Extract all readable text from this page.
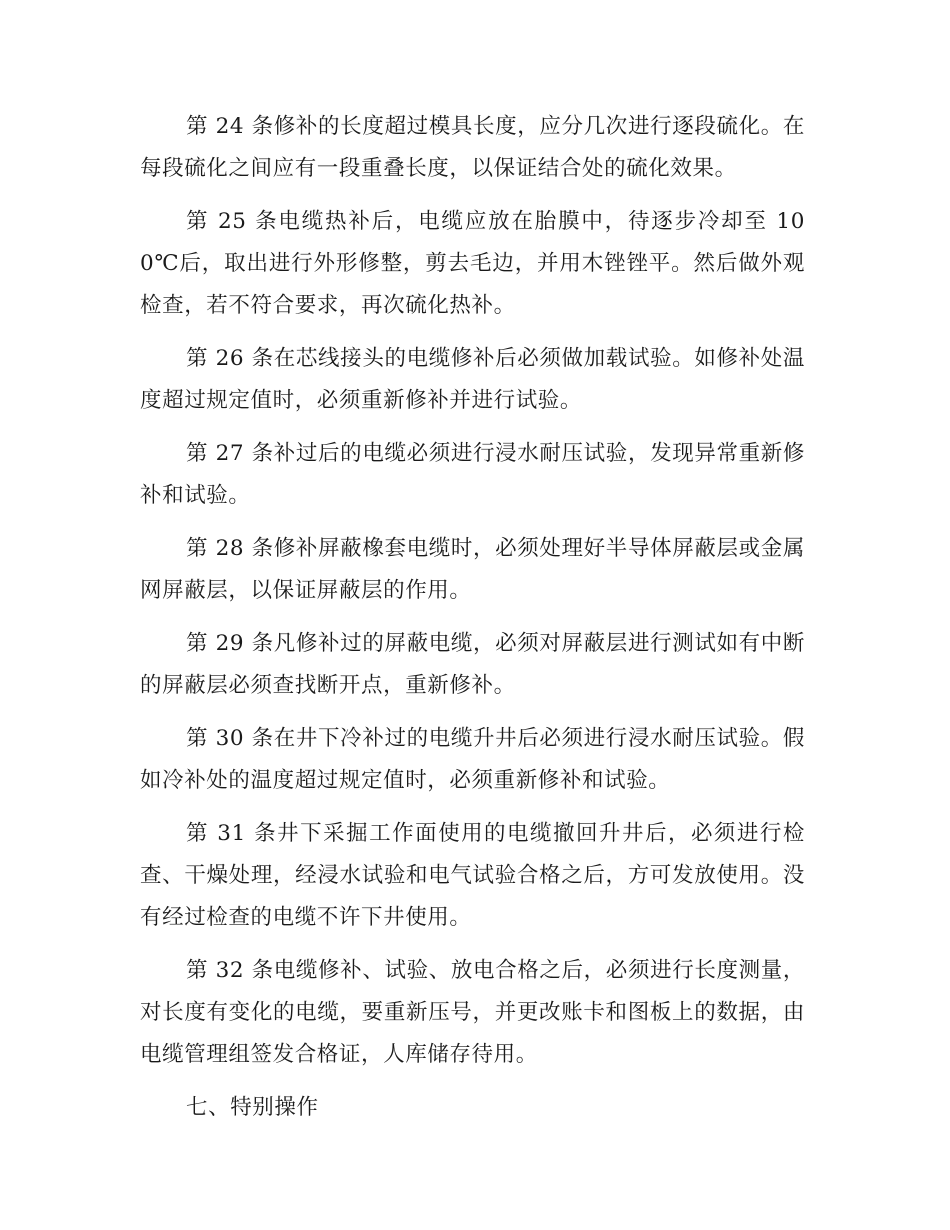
第 24 条修补的长度超过模具长度，应分几次进行逐段硫化。在每段硫化之间应有一段重叠长度，以保证结合处的硫化效果。

第 25 条电缆热补后，电缆应放在胎膜中，待逐步冷却至 100℃后，取出进行外形修整，剪去毛边，并用木锉锉平。然后做外观检查，若不符合要求，再次硫化热补。

第 26 条在芯线接头的电缆修补后必须做加载试验。如修补处温度超过规定值时，必须重新修补并进行试验。

第 27 条补过后的电缆必须进行浸水耐压试验，发现异常重新修补和试验。

第 28 条修补屏蔽橡套电缆时，必须处理好半导体屏蔽层或金属网屏蔽层，以保证屏蔽层的作用。

第 29 条凡修补过的屏蔽电缆，必须对屏蔽层进行测试如有中断的屏蔽层必须查找断开点，重新修补。

第 30 条在井下冷补过的电缆升井后必须进行浸水耐压试验。假如冷补处的温度超过规定值时，必须重新修补和试验。

第 31 条井下采掘工作面使用的电缆撤回升井后，必须进行检查、干燥处理，经浸水试验和电气试验合格之后，方可发放使用。没有经过检查的电缆不许下井使用。

第 32 条电缆修补、试验、放电合格之后，必须进行长度测量，对长度有变化的电缆，要重新压号，并更改账卡和图板上的数据，由电缆管理组签发合格证，人库储存待用。

七、特别操作
